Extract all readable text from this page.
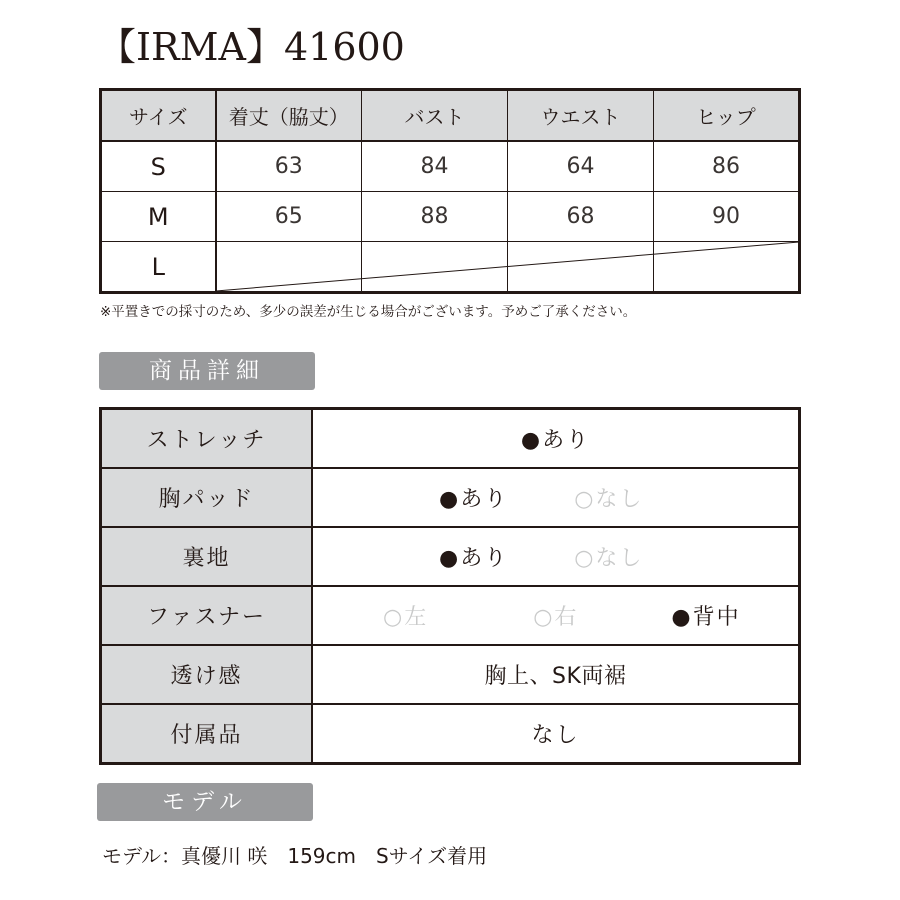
【IRMA】41600
サイズ	着丈（脇丈）	バスト	ウエスト	ヒップ
S	63	84	64	86
M	65	88	68	90
L				
※平置きでの採寸のため、多少の誤差が生じる場合がございます。予めご了承ください。
商品詳細
ストレッチ	●あり

胸パッド	●あり ○なし

裏地	●あり ○なし

ファスナー	○左 ○右 ●背中

透け感	胸上、SK両裾

付属品	なし
モデル
モデル：真優川 咲　159cm　Sサイズ着用
